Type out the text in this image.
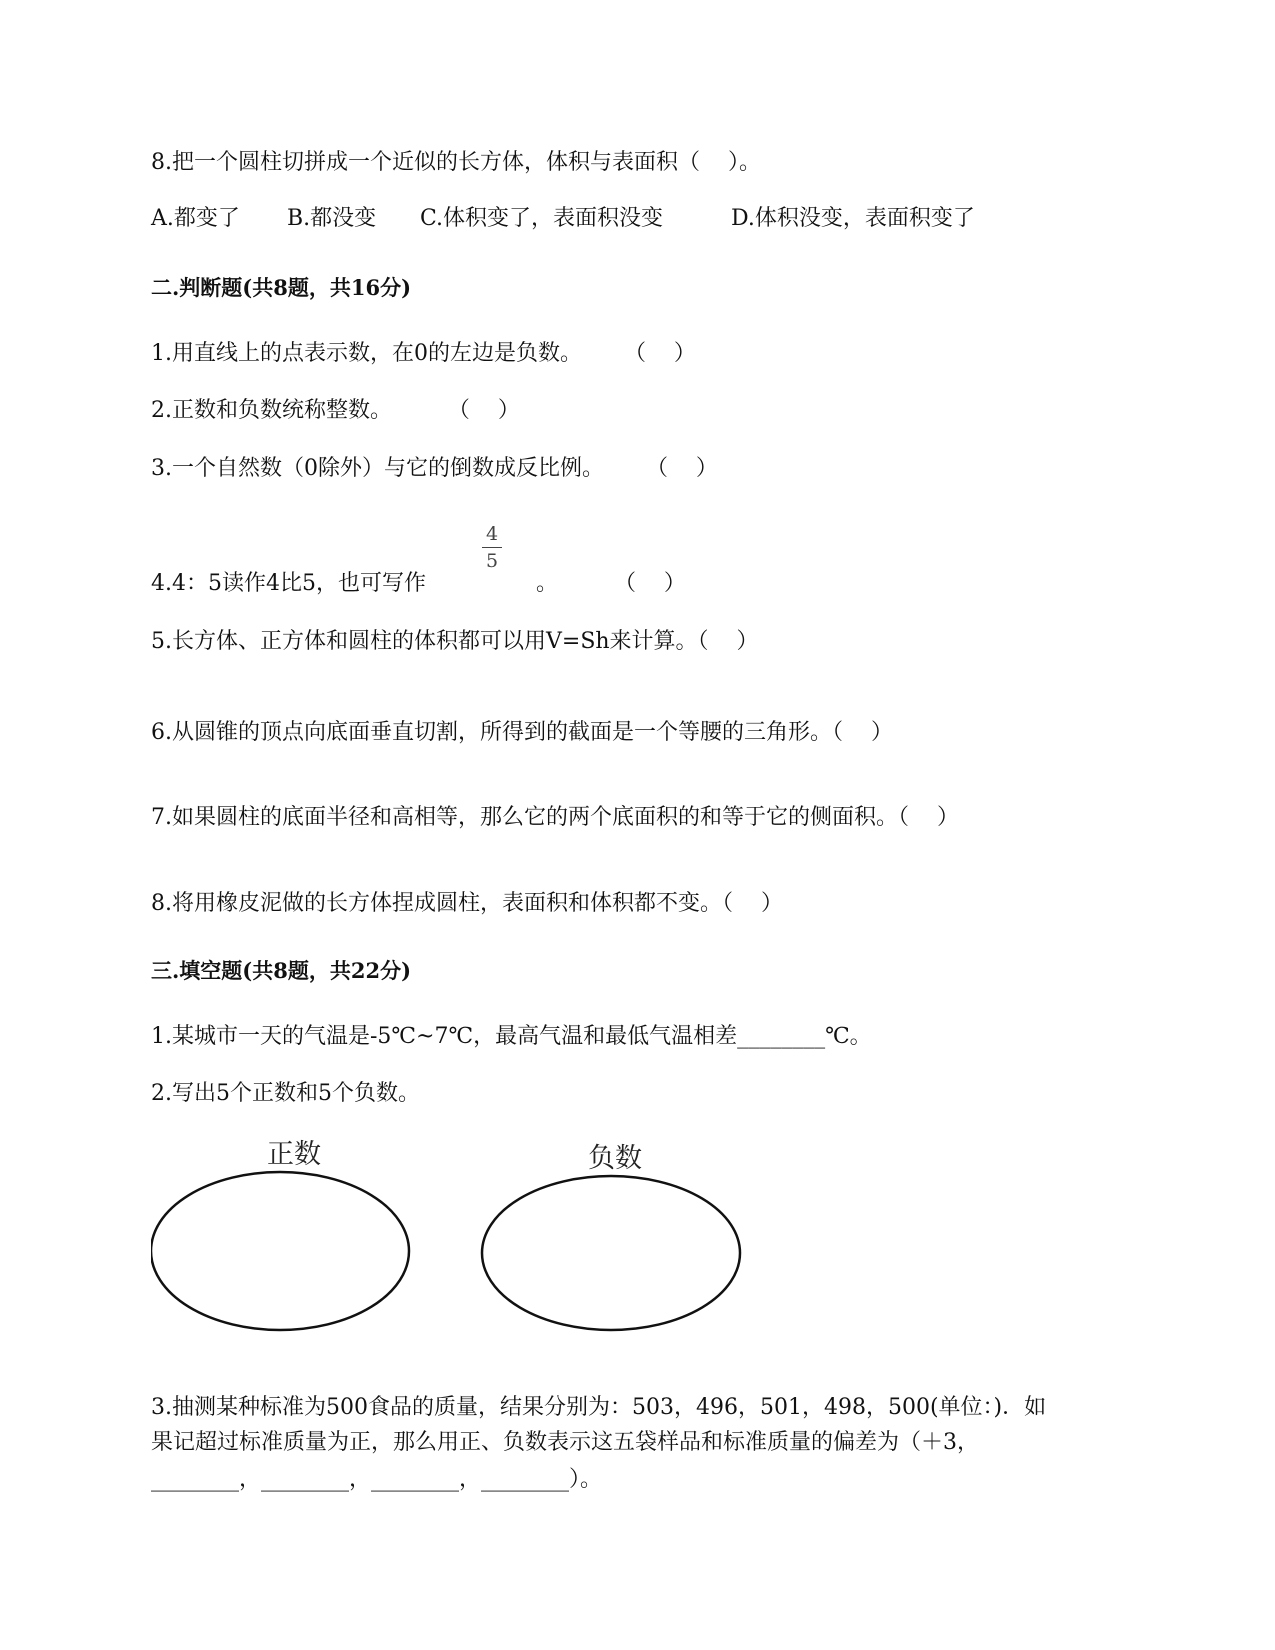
8.把一个圆柱切拼成一个近似的长方体，体积与表面积（    ）。
A.都变了 B.都没变 C.体积变了，表面积没变	D.体积没变，表面积变了
二.判断题(共8题，共16分)
1.用直线上的点表示数，在0的左边是负数。      （    ）
2.正数和负数统称整数。        （    ）
3.一个自然数（0除外）与它的倒数成反比例。      （    ）
4.4：5读作4比5，也可写作
4
5
。        （    ）
5.长方体、正方体和圆柱的体积都可以用V=Sh来计算。（    ）
6.从圆锥的顶点向底面垂直切割，所得到的截面是一个等腰的三角形。（    ）
7.如果圆柱的底面半径和高相等，那么它的两个底面积的和等于它的侧面积。（    ）
8.将用橡皮泥做的长方体捏成圆柱，表面积和体积都不变。（    ）
三.填空题(共8题，共22分)
1.某城市一天的气温是-5℃~7℃，最高气温和最低气温相差________℃。
2.写出5个正数和5个负数。
正数	负数
3.抽测某种标准为500食品的质量，结果分别为：503，496，501，498，500(单位：)．如
果记超过标准质量为正，那么用正、负数表示这五袋样品和标准质量的偏差为（＋3，
________，________，________，________）。
